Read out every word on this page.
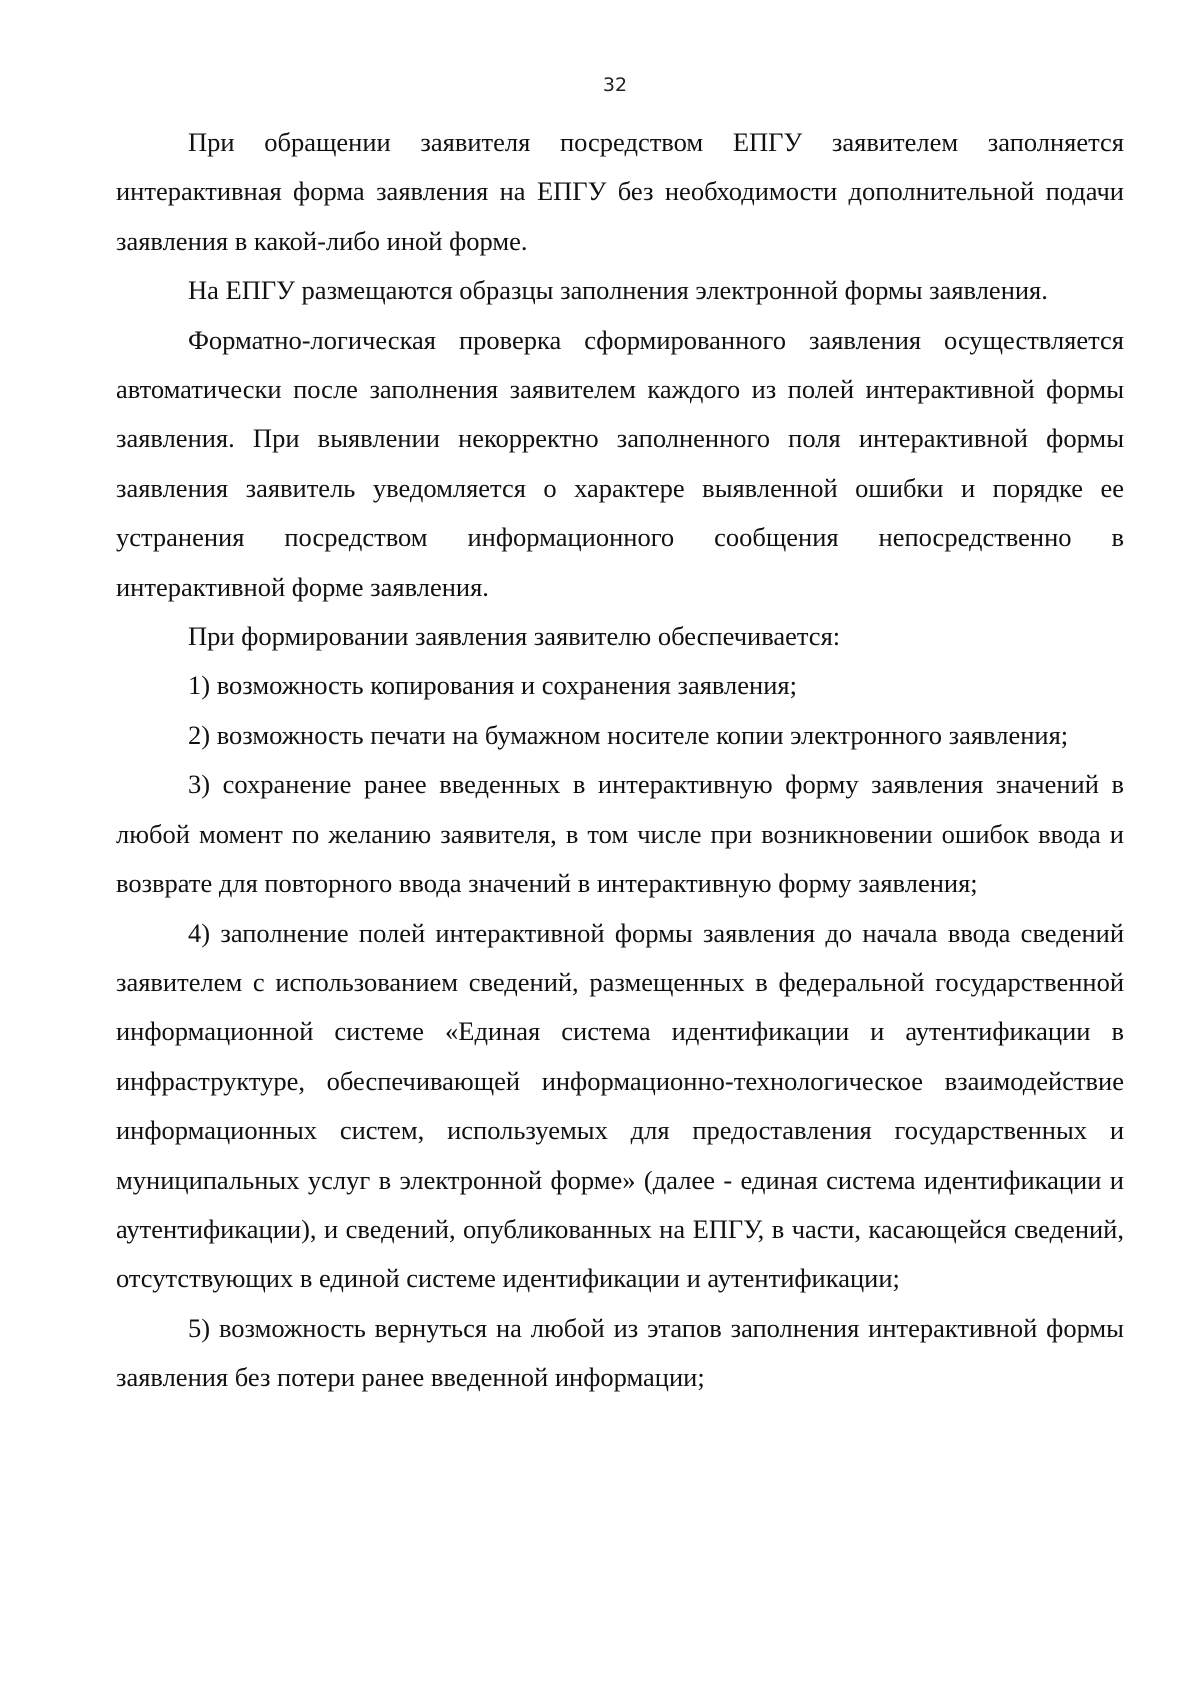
32

При обращении заявителя посредством ЕПГУ заявителем заполняется интерактивная форма заявления на ЕПГУ без необходимости дополнительной подачи заявления в какой-либо иной форме.

На ЕПГУ размещаются образцы заполнения электронной формы заявления.

Форматно-логическая проверка сформированного заявления осуществляется автоматически после заполнения заявителем каждого из полей интерактивной формы заявления. При выявлении некорректно заполненного поля интерактивной формы заявления заявитель уведомляется о характере выявленной ошибки и порядке ее устранения посредством информационного сообщения непосредственно в интерактивной форме заявления.

При формировании заявления заявителю обеспечивается:

1) возможность копирования и сохранения заявления;

2) возможность печати на бумажном носителе копии электронного заявления;

3) сохранение ранее введенных в интерактивную форму заявления значений в любой момент по желанию заявителя, в том числе при возникновении ошибок ввода и возврате для повторного ввода значений в интерактивную форму заявления;

4) заполнение полей интерактивной формы заявления до начала ввода сведений заявителем с использованием сведений, размещенных в федеральной государственной информационной системе «Единая система идентификации и аутентификации в инфраструктуре, обеспечивающей информационно-технологическое взаимодействие информационных систем, используемых для предоставления государственных и муниципальных услуг в электронной форме» (далее - единая система идентификации и аутентификации), и сведений, опубликованных на ЕПГУ, в части, касающейся сведений, отсутствующих в единой системе идентификации и аутентификации;

5) возможность вернуться на любой из этапов заполнения интерактивной формы заявления без потери ранее введенной информации;
